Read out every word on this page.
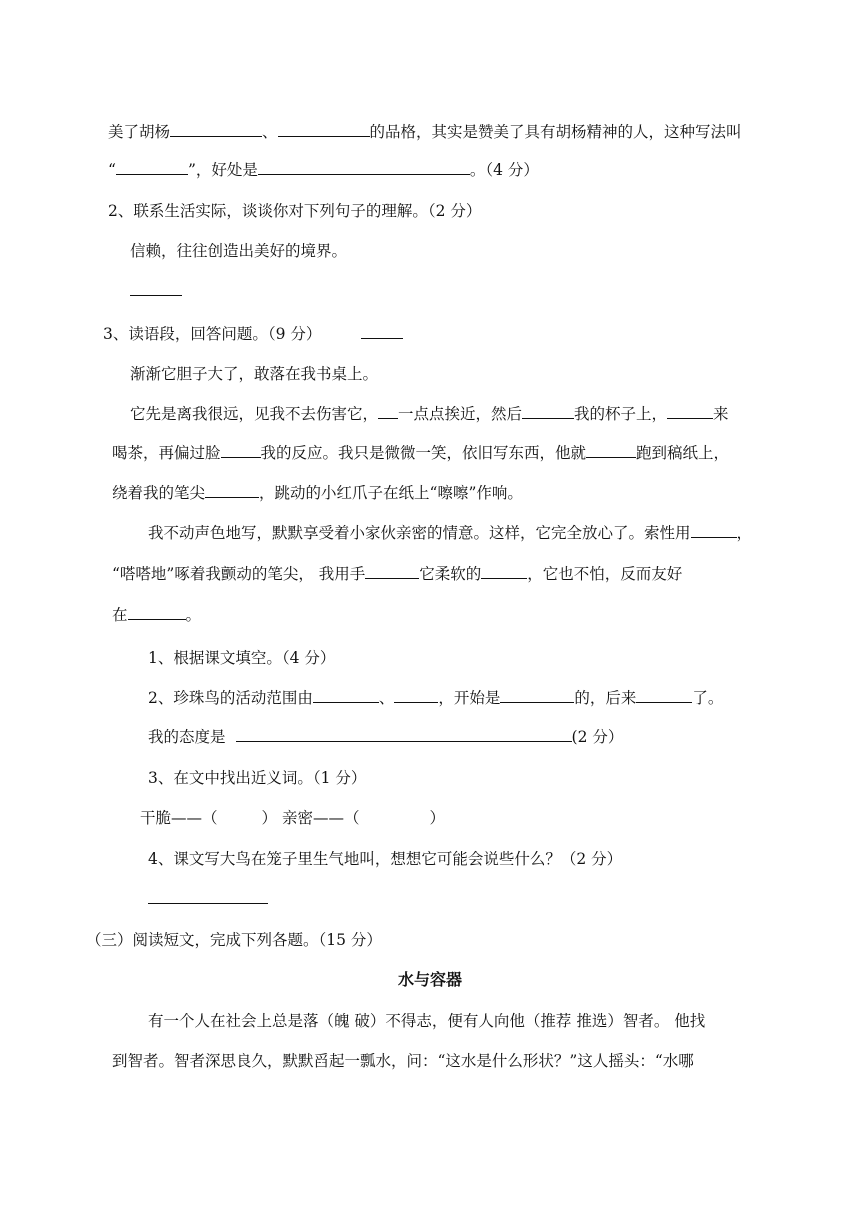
美了胡杨	、	的品格，其实是赞美了具有胡杨精神的人，这种写法叫
“	”，好处是	。（4 分）
2、联系生活实际，谈谈你对下列句子的理解。（2 分）
信赖，往往创造出美好的境界。
3、读语段，回答问题。（9 分）
渐渐它胆子大了，敢落在我书桌上。
它先是离我很远，见我不去伤害它， 一点点挨近，然后	我的杯子上，	来
喝茶，再偏过脸	我的反应。我只是微微一笑，依旧写东西，他就	跑到稿纸上，
绕着我的笔尖	，跳动的小红爪子在纸上“嚓嚓”作响。
我不动声色地写，默默享受着小家伙亲密的情意。这样，它完全放心了。索性用	，
“嗒嗒地”啄着我颤动的笔尖， 我用手	它柔软的	，它也不怕，反而友好
在	。
1、根据课文填空。（4 分）
2、珍珠鸟的活动范围由	、	，开始是	的，后来	了。
我的态度是	(2 分）
3、在文中找出近义词。（1 分）
干脆——（	） 亲密——（	）
4、课文写大鸟在笼子里生气地叫，想想它可能会说些什么？（2 分）
（三）阅读短文，完成下列各题。（15 分）
水与容器
有一个人在社会上总是落（魄 破）不得志，便有人向他（推荐 推选）智者。 他找
到智者。智者深思良久，默默舀起一瓢水，问：“这水是什么形状？”这人摇头：“水哪
